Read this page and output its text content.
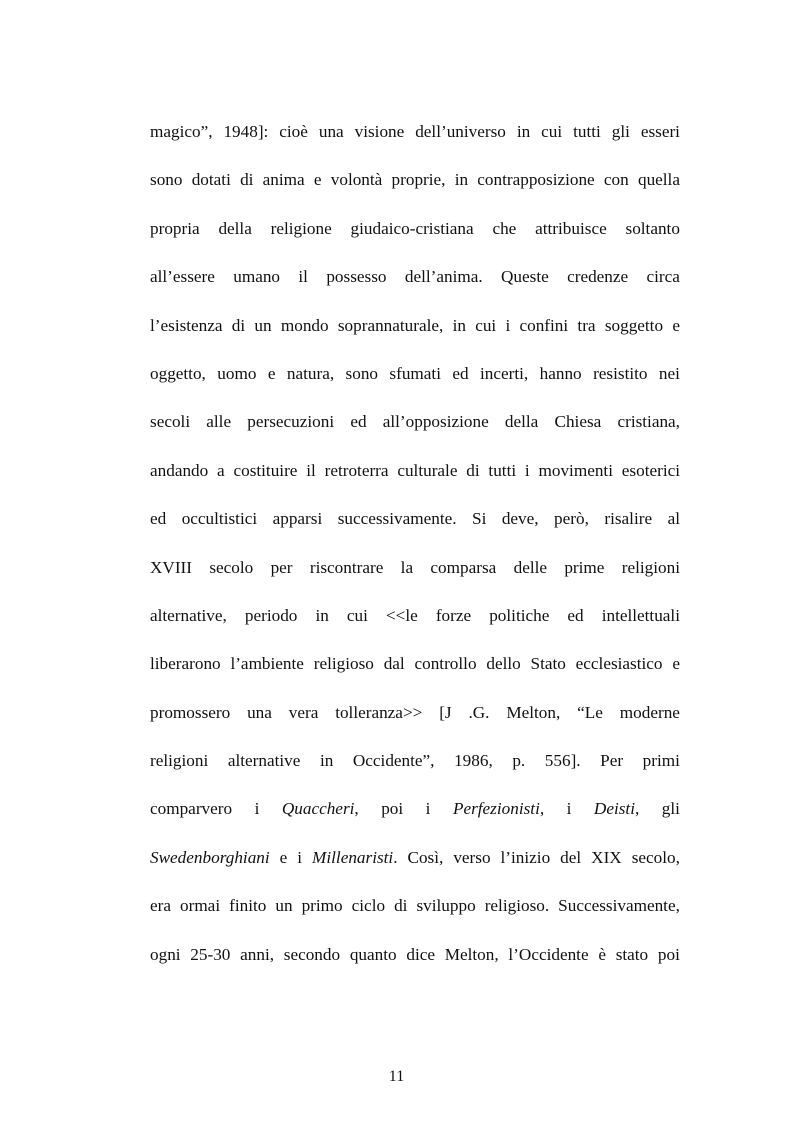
magico”, 1948]: cioè una visione dell’universo in cui tutti gli esseri
sono dotati di anima e volontà proprie, in contrapposizione con quella
propria della religione giudaico-cristiana che attribuisce soltanto
all’essere umano il possesso dell’anima. Queste credenze circa
l’esistenza di un mondo soprannaturale, in cui i confini tra soggetto e
oggetto, uomo e natura, sono sfumati ed incerti, hanno resistito nei
secoli alle persecuzioni ed all’opposizione della Chiesa cristiana,
andando a costituire il retroterra culturale di tutti i movimenti esoterici
ed occultistici apparsi successivamente. Si deve, però, risalire al
XVIII secolo per riscontrare la comparsa delle prime religioni
alternative, periodo in cui <<le forze politiche ed intellettuali
liberarono l’ambiente religioso dal controllo dello Stato ecclesiastico e
promossero una vera tolleranza>> [J .G. Melton, “Le moderne
religioni alternative in Occidente”, 1986, p. 556]. Per primi
comparvero i Quaccheri, poi i Perfezionisti, i Deisti, gli
Swedenborghiani e i Millenaristi. Così, verso l’inizio del XIX secolo,
era ormai finito un primo ciclo di sviluppo religioso. Successivamente,
ogni 25-30 anni, secondo quanto dice Melton, l’Occidente è stato poi
11
